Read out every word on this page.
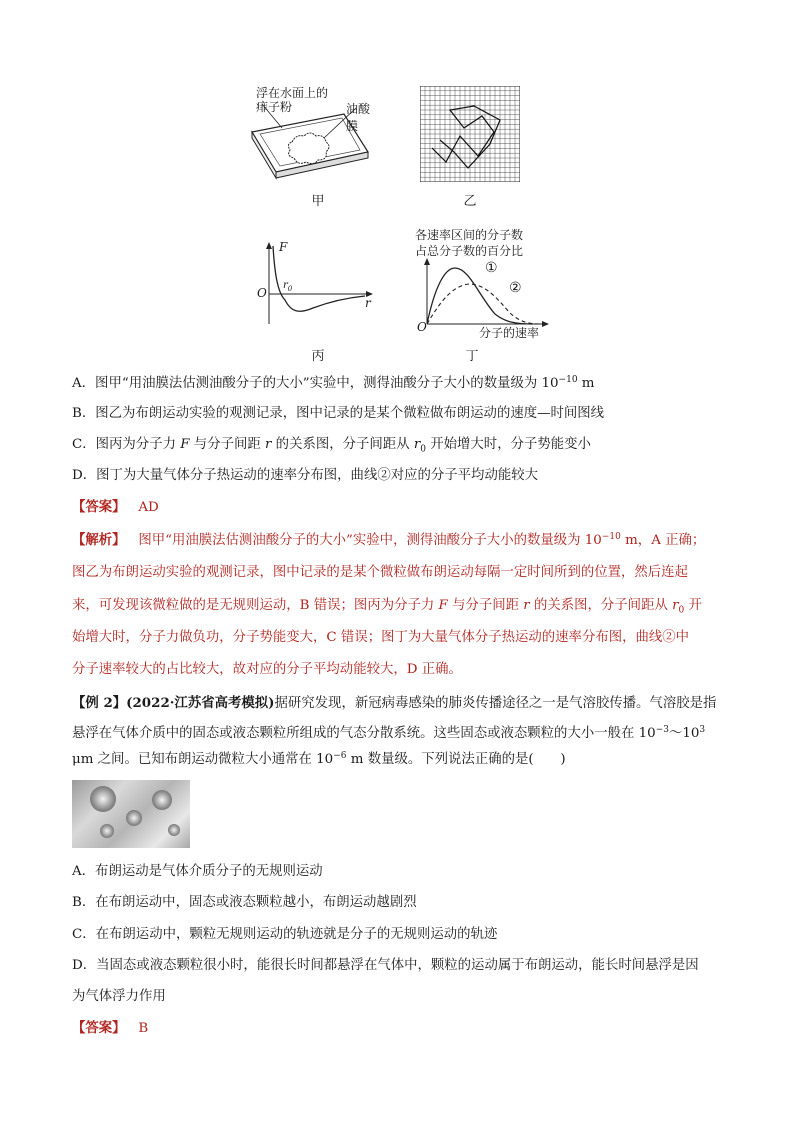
浮在水面上的
痱子粉	油酸膜
甲	乙
F
O
$r_0$
r
丙
各速率区间的分子数
占总分子数的百分比
①
②
O	分子的速率
丁
A．图甲“用油膜法估测油酸分子的大小”实验中，测得油酸分子大小的数量级为 $10^{-10}$ m
B．图乙为布朗运动实验的观测记录，图中记录的是某个微粒做布朗运动的速度—时间图线
C．图丙为分子力 F 与分子间距 r 的关系图，分子间距从 $r_0$ 开始增大时，分子势能变小
D．图丁为大量气体分子热运动的速率分布图，曲线②对应的分子平均动能较大
【答案】 AD
【解析】 图甲“用油膜法估测油酸分子的大小”实验中，测得油酸分子大小的数量级为 $10^{-10}$ m，A 正确；
图乙为布朗运动实验的观测记录，图中记录的是某个微粒做布朗运动每隔一定时间所到的位置，然后连起
来，可发现该微粒做的是无规则运动，B 错误；图丙为分子力 F 与分子间距 r 的关系图，分子间距从 $r_0$ 开
始增大时，分子力做负功，分子势能变大，C 错误；图丁为大量气体分子热运动的速率分布图，曲线②中
分子速率较大的占比较大，故对应的分子平均动能较大，D 正确。
【例 2】(2022·江苏省高考模拟)据研究发现，新冠病毒感染的肺炎传播途径之一是气溶胶传播。气溶胶是指
悬浮在气体介质中的固态或液态颗粒所组成的气态分散系统。这些固态或液态颗粒的大小一般在 $10^{-3}\sim 10^3$
μm 之间。已知布朗运动微粒大小通常在 $10^{-6}$ m 数量级。下列说法正确的是(　　)
A．布朗运动是气体介质分子的无规则运动
B．在布朗运动中，固态或液态颗粒越小，布朗运动越剧烈
C．在布朗运动中，颗粒无规则运动的轨迹就是分子的无规则运动的轨迹
D．当固态或液态颗粒很小时，能很长时间都悬浮在气体中，颗粒的运动属于布朗运动，能长时间悬浮是因
为气体浮力作用
【答案】 B
